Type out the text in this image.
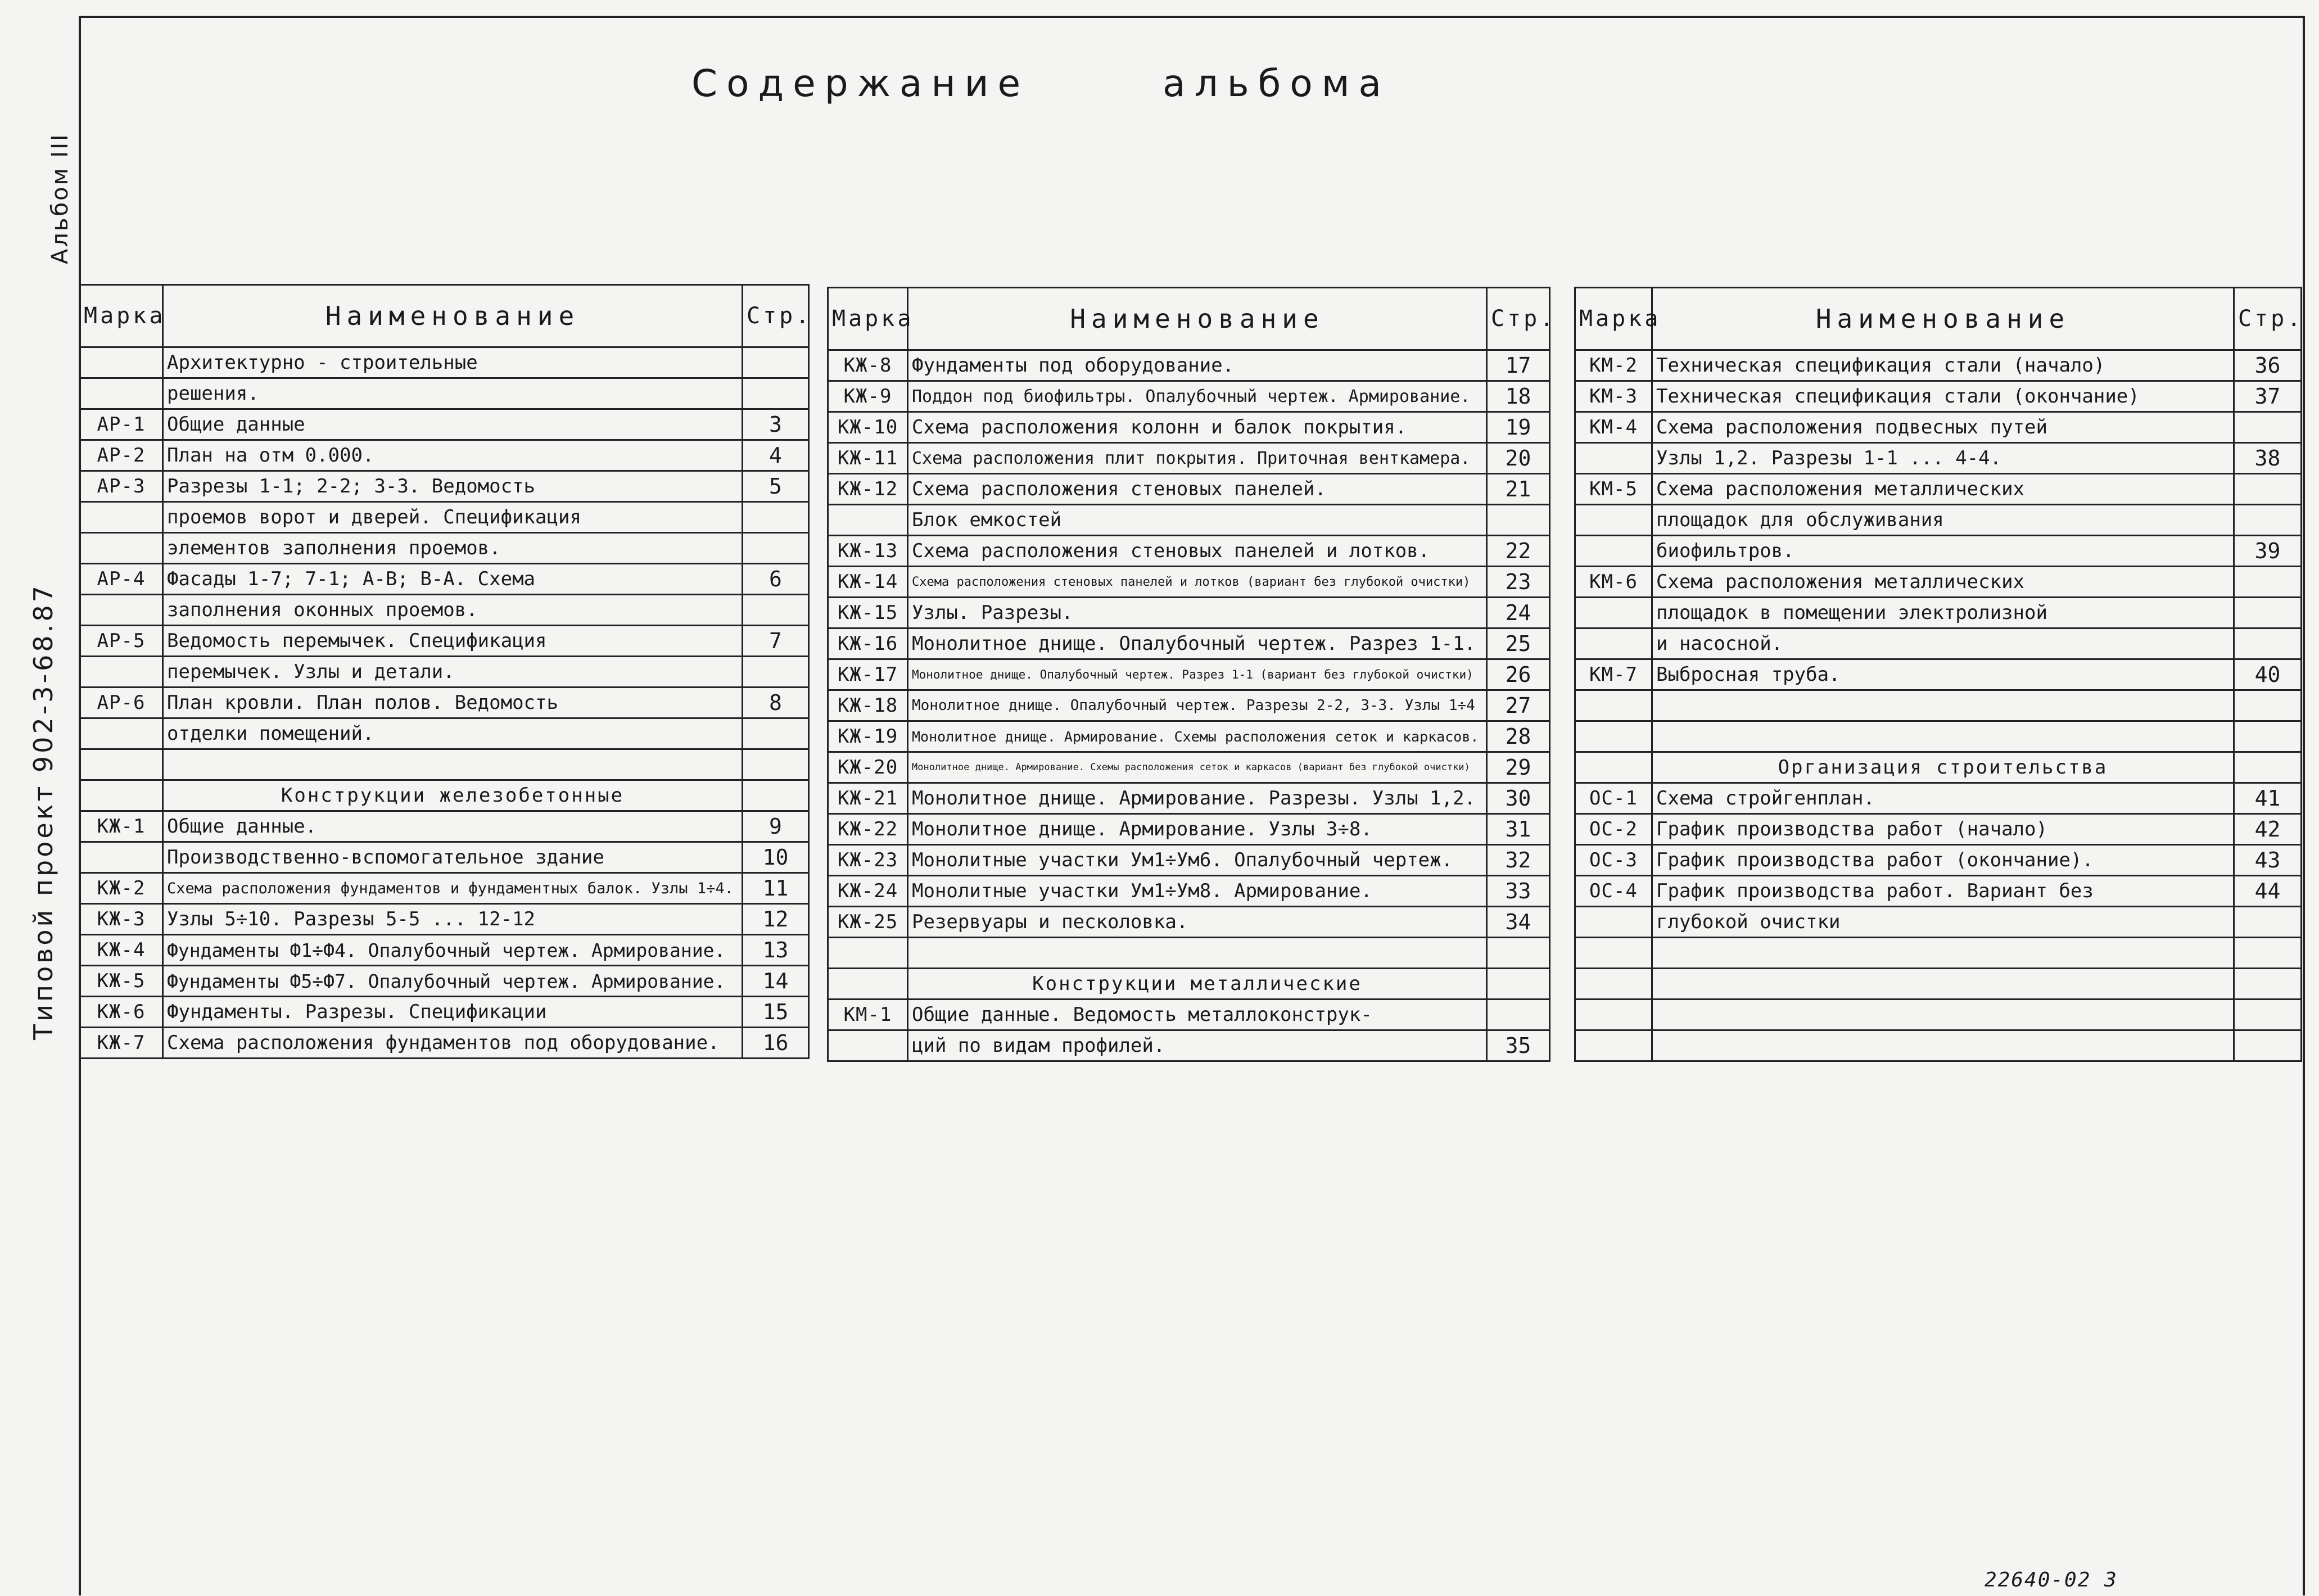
Альбом III
Типовой проект 902-3-68.87
Содержание	альбома
Марка	Наименование	Стр.
	Архитектурно - строительные	
	решения.	
АР-1	Общие данные	3
АР-2	План на отм 0.000.	4
АР-3	Разрезы 1-1; 2-2; 3-3. Ведомость	5
	проемов ворот и дверей. Спецификация	
	элементов заполнения проемов.	
АР-4	Фасады 1-7; 7-1; А-В; В-А. Схема	6
	заполнения оконных проемов.	
АР-5	Ведомость перемычек. Спецификация	7
	перемычек. Узлы и детали.	
АР-6	План кровли. План полов. Ведомость	8
	отделки помещений.	

	Конструкции железобетонные	
КЖ-1	Общие данные.	9
	Производственно-вспомогательное здание	10
КЖ-2	Схема расположения фундаментов и фундаментных балок. Узлы 1÷4.	11
КЖ-3	Узлы 5÷10. Разрезы 5-5 ... 12-12	12
КЖ-4	Фундаменты Ф1÷Ф4. Опалубочный чертеж. Армирование.	13
КЖ-5	Фундаменты Ф5÷Ф7. Опалубочный чертеж. Армирование.	14
КЖ-6	Фундаменты. Разрезы. Спецификации	15
КЖ-7	Схема расположения фундаментов под оборудование.	16
Марка	Наименование	Стр.
КЖ-8	Фундаменты под оборудование.	17
КЖ-9	Поддон под биофильтры. Опалубочный чертеж. Армирование.	18
КЖ-10	Схема расположения колонн и балок покрытия.	19
КЖ-11	Схема расположения плит покрытия. Приточная венткамера.	20
КЖ-12	Схема расположения стеновых панелей.	21
	Блок емкостей	
КЖ-13	Схема расположения стеновых панелей и лотков.	22
КЖ-14	Схема расположения стеновых панелей и лотков (вариант без глубокой очистки)	23
КЖ-15	Узлы. Разрезы.	24
КЖ-16	Монолитное днище. Опалубочный чертеж. Разрез 1-1.	25
КЖ-17	Монолитное днище. Опалубочный чертеж. Разрез 1-1 (вариант без глубокой очистки)	26
КЖ-18	Монолитное днище. Опалубочный чертеж. Разрезы 2-2, 3-3. Узлы 1÷4	27
КЖ-19	Монолитное днище. Армирование. Схемы расположения сеток и каркасов.	28
КЖ-20	Монолитное днище. Армирование. Схемы расположения сеток и каркасов (вариант без глубокой очистки)	29
КЖ-21	Монолитное днище. Армирование. Разрезы. Узлы 1,2.	30
КЖ-22	Монолитное днище. Армирование. Узлы 3÷8.	31
КЖ-23	Монолитные участки Ум1÷Ум6. Опалубочный чертеж.	32
КЖ-24	Монолитные участки Ум1÷Ум8. Армирование.	33
КЖ-25	Резервуары и песколовка.	34

	Конструкции металлические	
КМ-1	Общие данные. Ведомость металлоконструк-	
	ций по видам профилей.	35
Марка	Наименование	Стр.
КМ-2	Техническая спецификация стали (начало)	36
КМ-3	Техническая спецификация стали (окончание)	37
КМ-4	Схема расположения подвесных путей	
	Узлы 1,2. Разрезы 1-1 ... 4-4.	38
КМ-5	Схема расположения металлических	
	площадок для обслуживания	
	биофильтров.	39
КМ-6	Схема расположения металлических	
	площадок в помещении электролизной	
	и насосной.	
КМ-7	Выбросная труба.	40

	Организация строительства	
ОС-1	Схема стройгенплан.	41
ОС-2	График производства работ (начало)	42
ОС-3	График производства работ (окончание).	43
ОС-4	График производства работ. Вариант без	44
	глубокой очистки	

22640-02 3
